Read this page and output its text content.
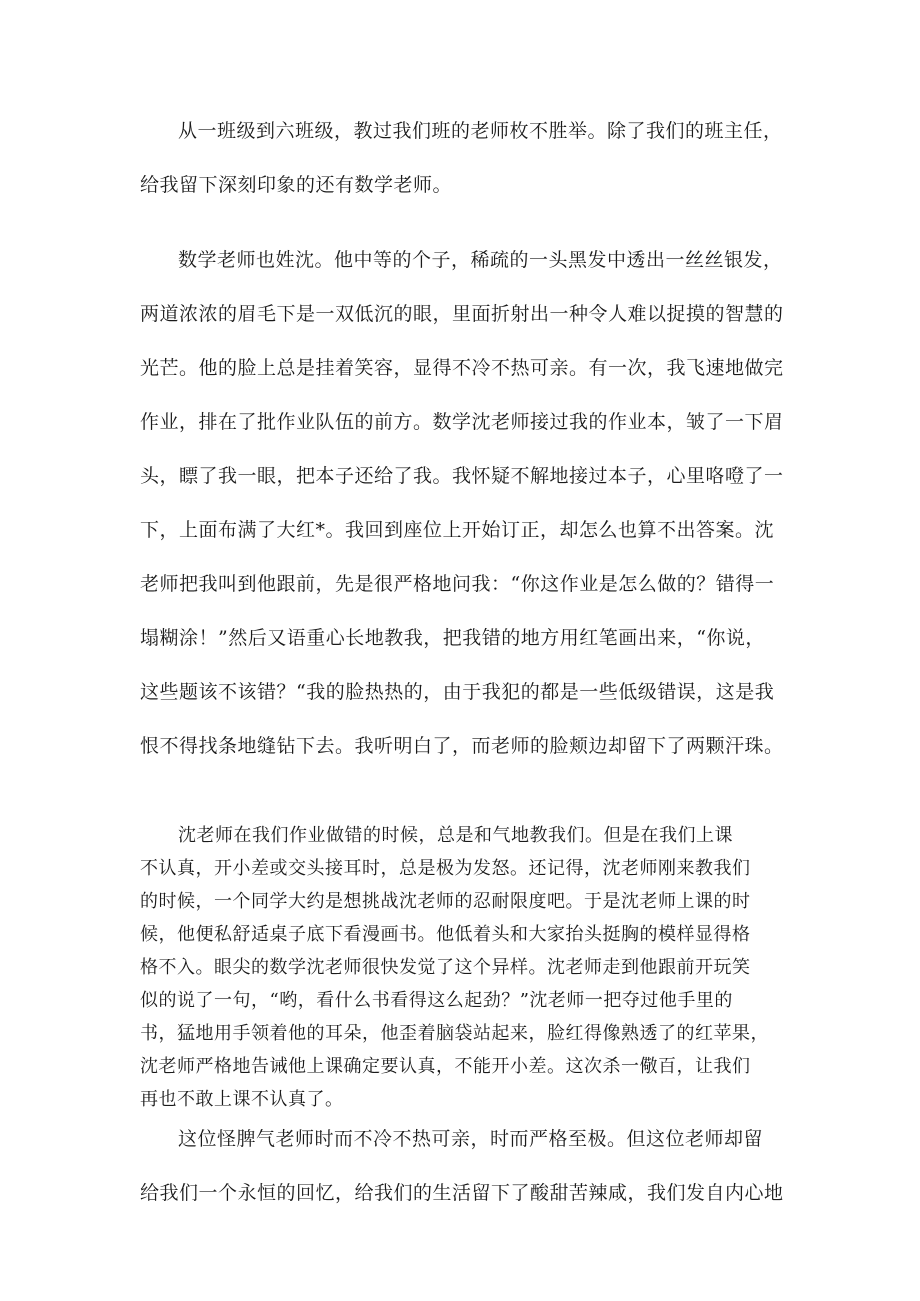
从一班级到六班级，教过我们班的老师枚不胜举。除了我们的班主任，
给我留下深刻印象的还有数学老师。
数学老师也姓沈。他中等的个子，稀疏的一头黑发中透出一丝丝银发，
两道浓浓的眉毛下是一双低沉的眼，里面折射出一种令人难以捉摸的智慧的
光芒。他的脸上总是挂着笑容，显得不冷不热可亲。有一次，我飞速地做完
作业，排在了批作业队伍的前方。数学沈老师接过我的作业本，皱了一下眉
头，瞟了我一眼，把本子还给了我。我怀疑不解地接过本子，心里咯噔了一
下，上面布满了大红*。我回到座位上开始订正，却怎么也算不出答案。沈
老师把我叫到他跟前，先是很严格地问我：“你这作业是怎么做的？错得一
塌糊涂！”然后又语重心长地教我，把我错的地方用红笔画出来，“你说，
这些题该不该错？“我的脸热热的，由于我犯的都是一些低级错误，这是我
恨不得找条地缝钻下去。我听明白了，而老师的脸颊边却留下了两颗汗珠。
沈老师在我们作业做错的时候，总是和气地教我们。但是在我们上课
不认真，开小差或交头接耳时，总是极为发怒。还记得，沈老师刚来教我们
的时候，一个同学大约是想挑战沈老师的忍耐限度吧。于是沈老师上课的时
候，他便私舒适桌子底下看漫画书。他低着头和大家抬头挺胸的模样显得格
格不入。眼尖的数学沈老师很快发觉了这个异样。沈老师走到他跟前开玩笑
似的说了一句，“哟，看什么书看得这么起劲？”沈老师一把夺过他手里的
书，猛地用手领着他的耳朵，他歪着脑袋站起来，脸红得像熟透了的红苹果，
沈老师严格地告诫他上课确定要认真，不能开小差。这次杀一儆百，让我们
再也不敢上课不认真了。
这位怪脾气老师时而不冷不热可亲，时而严格至极。但这位老师却留
给我们一个永恒的回忆，给我们的生活留下了酸甜苦辣咸，我们发自内心地
